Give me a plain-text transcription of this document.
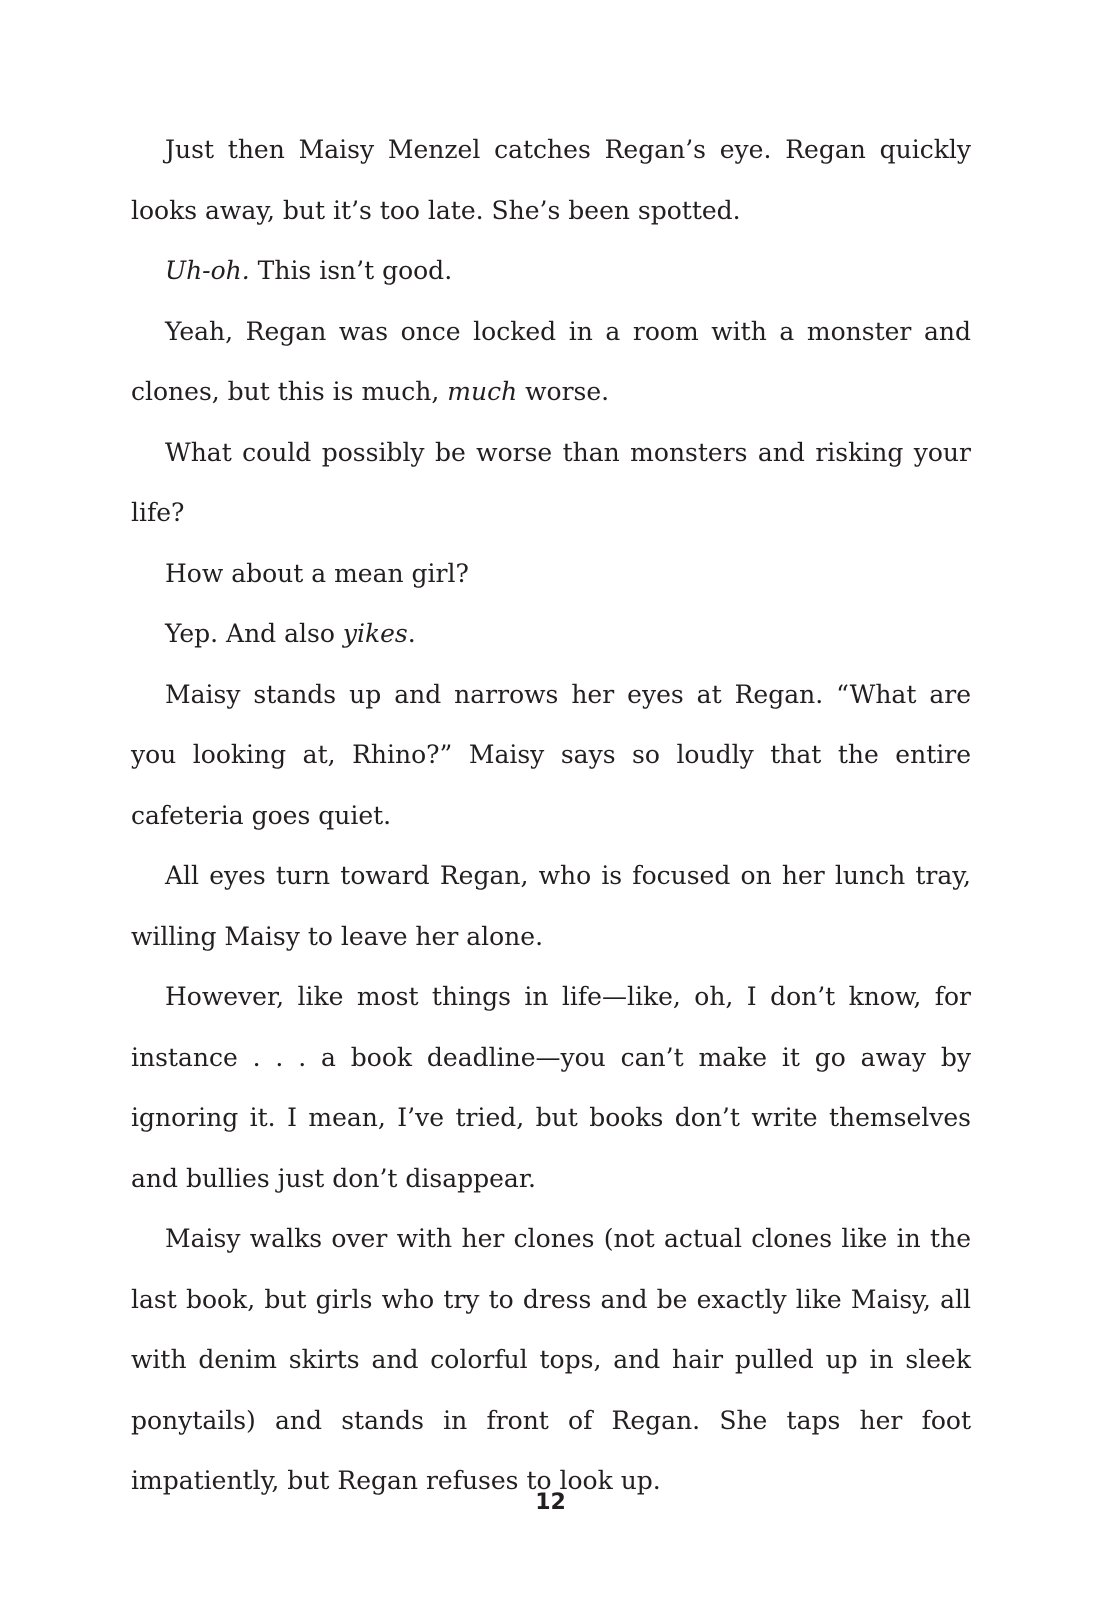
Just then Maisy Menzel catches Regan’s eye. Regan quickly looks away, but it’s too late. She’s been spotted.

Uh-oh. This isn’t good.

Yeah, Regan was once locked in a room with a monster and clones, but this is much, much worse.

What could possibly be worse than monsters and risking your life?

How about a mean girl?

Yep. And also yikes.

Maisy stands up and narrows her eyes at Regan. “What are you looking at, Rhino?” Maisy says so loudly that the entire cafeteria goes quiet.

All eyes turn toward Regan, who is focused on her lunch tray, willing Maisy to leave her alone.

However, like most things in life—like, oh, I don’t know, for instance . . . a book deadline—you can’t make it go away by ignoring it. I mean, I’ve tried, but books don’t write themselves and bullies just don’t disappear.

Maisy walks over with her clones (not actual clones like in the last book, but girls who try to dress and be exactly like Maisy, all with denim skirts and colorful tops, and hair pulled up in sleek ponytails) and stands in front of Regan. She taps her foot impatiently, but Regan refuses to look up.

12
